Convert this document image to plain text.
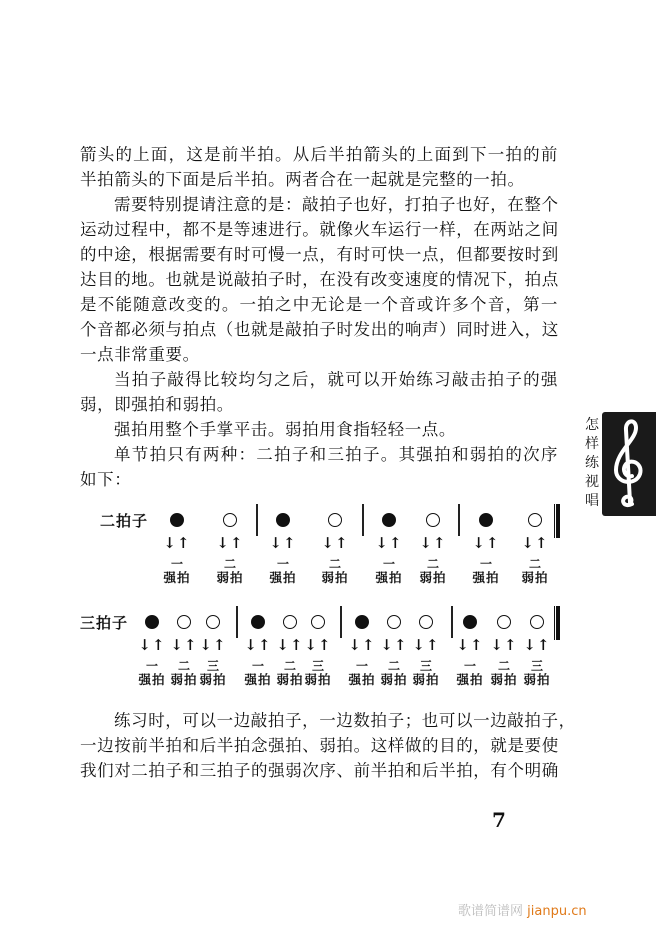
箭头的上面，这是前半拍。从后半拍箭头的上面到下一拍的前
半拍箭头的下面是后半拍。两者合在一起就是完整的一拍。
需要特别提请注意的是：敲拍子也好，打拍子也好，在整个
运动过程中，都不是等速进行。就像火车运行一样，在两站之间
的中途，根据需要有时可慢一点，有时可快一点，但都要按时到
达目的地。也就是说敲拍子时，在没有改变速度的情况下，拍点
是不能随意改变的。一拍之中无论是一个音或许多个音，第一
个音都必须与拍点（也就是敲拍子时发出的响声）同时进入，这
一点非常重要。
当拍子敲得比较均匀之后，就可以开始练习敲击拍子的强
弱，即强拍和弱拍。
强拍用整个手掌平击。弱拍用食指轻轻一点。
单节拍只有两种：二拍子和三拍子。其强拍和弱拍的次序
如下：
二拍子
↓↑
一
强拍
↓↑
二
弱拍
↓↑
一
强拍
↓↑
二
弱拍
↓↑
一
强拍
↓↑
二
弱拍
↓↑
一
强拍
↓↑
二
弱拍
三拍子
↓↑
一
强拍
↓↑
二
弱拍
↓↑
三
弱拍
↓↑
一
强拍
↓↑
二
弱拍
↓↑
三
弱拍
↓↑
一
强拍
↓↑
二
弱拍
↓↑
三
弱拍
↓↑
一
强拍
↓↑
二
弱拍
↓↑
三
弱拍
练习时，可以一边敲拍子，一边数拍子；也可以一边敲拍子，
一边按前半拍和后半拍念强拍、弱拍。这样做的目的，就是要使
我们对二拍子和三拍子的强弱次序、前半拍和后半拍，有个明确
怎
样
练
视
唱
7
歌谱简谱网 jianpu.cn
